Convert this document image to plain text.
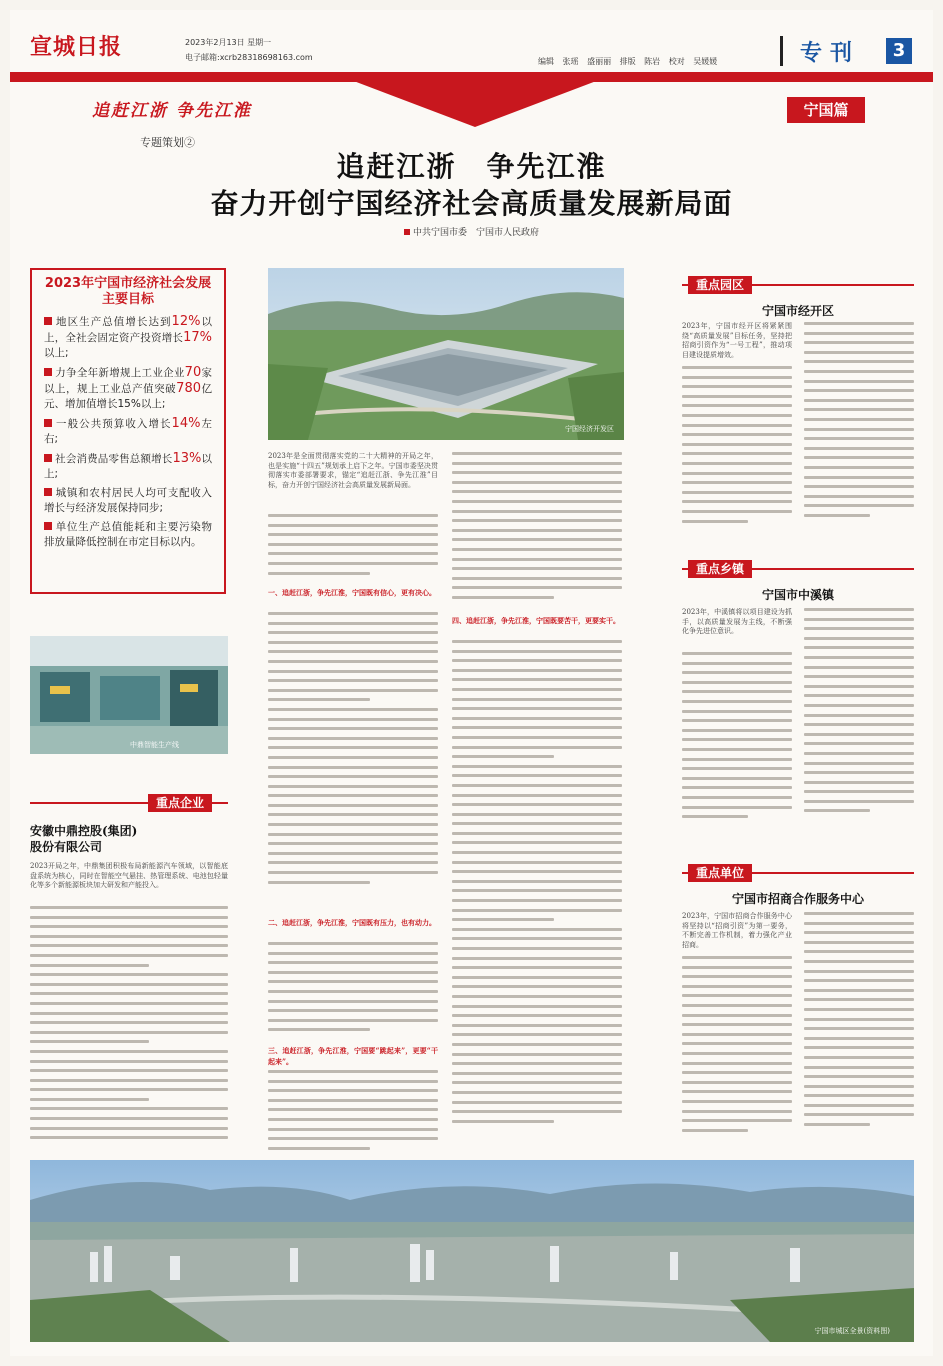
宣城日报	2023年2月13日 星期一
电子邮箱:xcrb28318698163.com	编辑 张瑶 盛丽丽 排版 陈岩 校对 吴媛媛	专刊	3
追赶江浙 争先江淮
专题策划②
宁国篇
追赶江浙　争先江淮
奋力开创宁国经济社会高质量发展新局面
中共宁国市委　宁国市人民政府
2023年宁国市经济社会发展主要目标

地区生产总值增长达到12%以上，全社会固定资产投资增长17%以上;

力争全年新增规上工业企业70家以上，规上工业总产值突破780亿元、增加值增长15%以上;

一般公共预算收入增长14%左右;

社会消费品零售总额增长13%以上;

城镇和农村居民人均可支配收入增长与经济发展保持同步;

单位生产总值能耗和主要污染物排放量降低控制在市定目标以内。

宁国经济开发区
中鼎智能生产线
重点企业
安徽中鼎控股(集团)
股份有限公司
2023开局之年，中鼎集团积极布局新能源汽车领域，以智能底盘系统为核心，同时在智能空气悬挂、热管理系统、电池包轻量化等多个新能源板块加大研发和产能投入。
2023年是全面贯彻落实党的二十大精神的开局之年，也是实施“十四五”规划承上启下之年。宁国市委坚决贯彻落实市委部署要求，锚定“追赶江浙、争先江淮”目标，奋力开创宁国经济社会高质量发展新局面。
一、追赶江浙，争先江淮，宁国既有信心，更有决心。
二、追赶江浙，争先江淮，宁国既有压力，也有动力。
三、追赶江浙，争先江淮，宁国要“跳起来”，更要“干起来”。
四、追赶江浙，争先江淮，宁国既要苦干，更要实干。
重点园区
宁国市经开区
2023年，宁国市经开区将紧紧围绕“高质量发展”目标任务，坚持把招商引资作为“一号工程”，推动项目建设提质增效。
重点乡镇
宁国市中溪镇
2023年，中溪镇将以项目建设为抓手，以高质量发展为主线，不断强化争先进位意识。
重点单位
宁国市招商合作服务中心
2023年，宁国市招商合作服务中心将坚持以“招商引资”为第一要务，不断完善工作机制，着力强化产业招商。
宁国市城区全景(资料图)
